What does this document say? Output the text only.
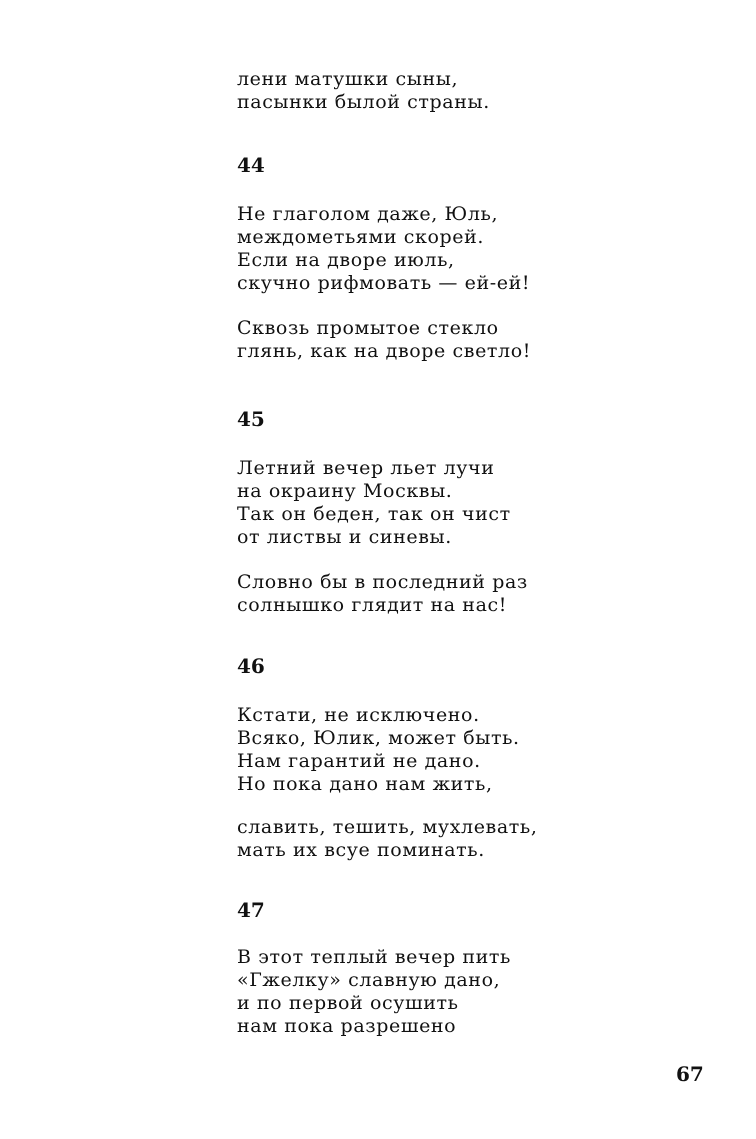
лени матушки сыны,
пасынки былой страны.
44
Не глаголом даже, Юль,
междометьями скорей.
Если на дворе июль,
скучно рифмовать — ей-ей!
Сквозь промытое стекло
глянь, как на дворе светло!
45
Летний вечер льет лучи
на окраину Москвы.
Так он беден, так он чист
от листвы и синевы.
Словно бы в последний раз
солнышко глядит на нас!
46
Кстати, не исключено.
Всяко, Юлик, может быть.
Нам гарантий не дано.
Но пока дано нам жить,
славить, тешить, мухлевать,
мать их всуе поминать.
47
В этот теплый вечер пить
«Гжелку» славную дано,
и по первой осушить
нам пока разрешено
67
